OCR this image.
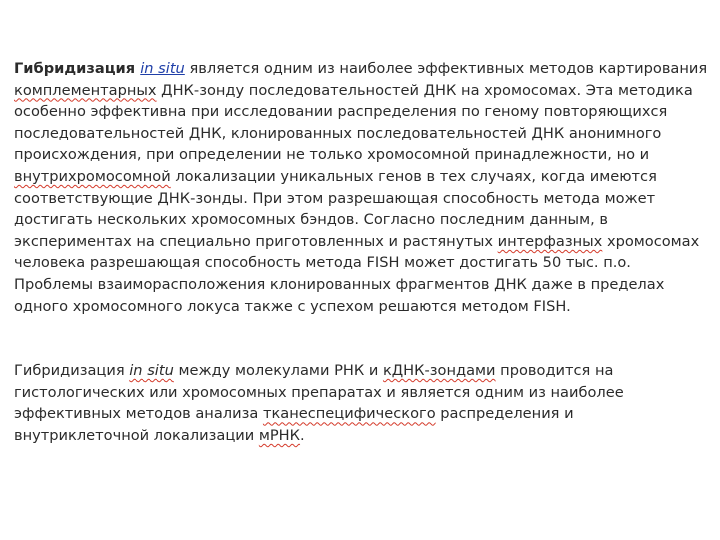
Гибридизация in situ является одним из наиболее эффективных методов картирования
комплементарных ДНК-зонду последовательностей ДНК на хромосомах. Эта методика
особенно эффективна при исследовании распределения по геному повторяющихся
последовательностей ДНК, клонированных последовательностей ДНК анонимного
происхождения, при определении не только хромосомной принадлежности, но и
внутрихромосомной локализации уникальных генов в тех случаях, когда имеются
соответствующие ДНК-зонды. При этом разрешающая способность метода может
достигать нескольких хромосомных бэндов. Согласно последним данным, в
экспериментах на специально приготовленных и растянутых интерфазных хромосомах
человека разрешающая способность метода FISH может достигать 50 тыс. п.о.
Проблемы взаиморасположения клонированных фрагментов ДНК даже в пределах
одного хромосомного локуса также с успехом решаются методом FISH.

Гибридизация in situ между молекулами РНК и кДНК-зондами проводится на
гистологических или хромосомных препаратах и является одним из наиболее
эффективных методов анализа тканеспецифического распределения и
внутриклеточной локализации мРНК.
